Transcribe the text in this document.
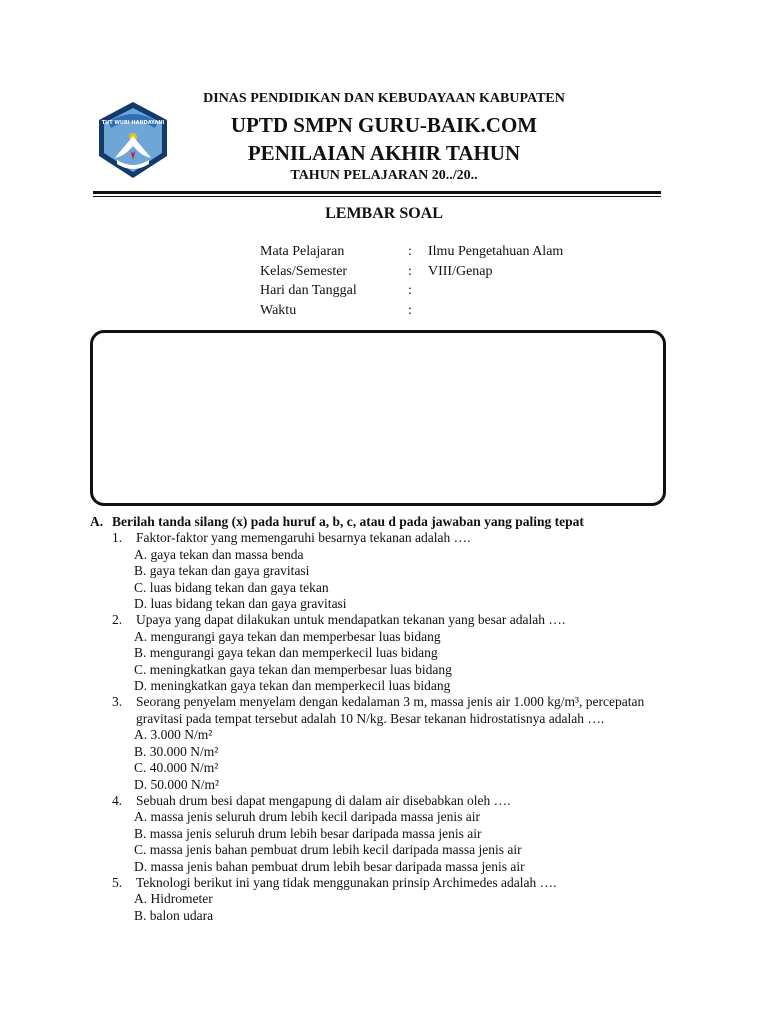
TUT WURI HANDAYANI
DINAS PENDIDIKAN DAN KEBUDAYAAN KABUPATEN
UPTD SMPN GURU-BAIK.COM
PENILAIAN AKHIR TAHUN
TAHUN PELAJARAN 20../20..
LEMBAR SOAL
Mata Pelajaran	: Ilmu Pengetahuan Alam
Kelas/Semester	: VIII/Genap
Hari dan Tanggal	:
Waktu	:
A. Berilah tanda silang (x) pada huruf a, b, c, atau d pada jawaban yang paling tepat
1.	Faktor-faktor yang memengaruhi besarnya tekanan adalah ….
A. gaya tekan dan massa benda
B. gaya tekan dan gaya gravitasi
C. luas bidang tekan dan gaya tekan
D. luas bidang tekan dan gaya gravitasi
2.	Upaya yang dapat dilakukan untuk mendapatkan tekanan yang besar adalah ….
A. mengurangi gaya tekan dan memperbesar luas bidang
B. mengurangi gaya tekan dan memperkecil luas bidang
C. meningkatkan gaya tekan dan memperbesar luas bidang
D. meningkatkan gaya tekan dan memperkecil luas bidang
3.	Seorang penyelam menyelam dengan kedalaman 3 m, massa jenis air 1.000 kg/m³, percepatan gravitasi pada tempat tersebut adalah 10 N/kg. Besar tekanan hidrostatisnya adalah ….
A. 3.000 N/m²
B. 30.000 N/m²
C. 40.000 N/m²
D. 50.000 N/m²
4.	Sebuah drum besi dapat mengapung di dalam air disebabkan oleh ….
A. massa jenis seluruh drum lebih kecil daripada massa jenis air
B. massa jenis seluruh drum lebih besar daripada massa jenis air
C. massa jenis bahan pembuat drum lebih kecil daripada massa jenis air
D. massa jenis bahan pembuat drum lebih besar daripada massa jenis air
5.	Teknologi berikut ini yang tidak menggunakan prinsip Archimedes adalah ….
A. Hidrometer
B. balon udara
